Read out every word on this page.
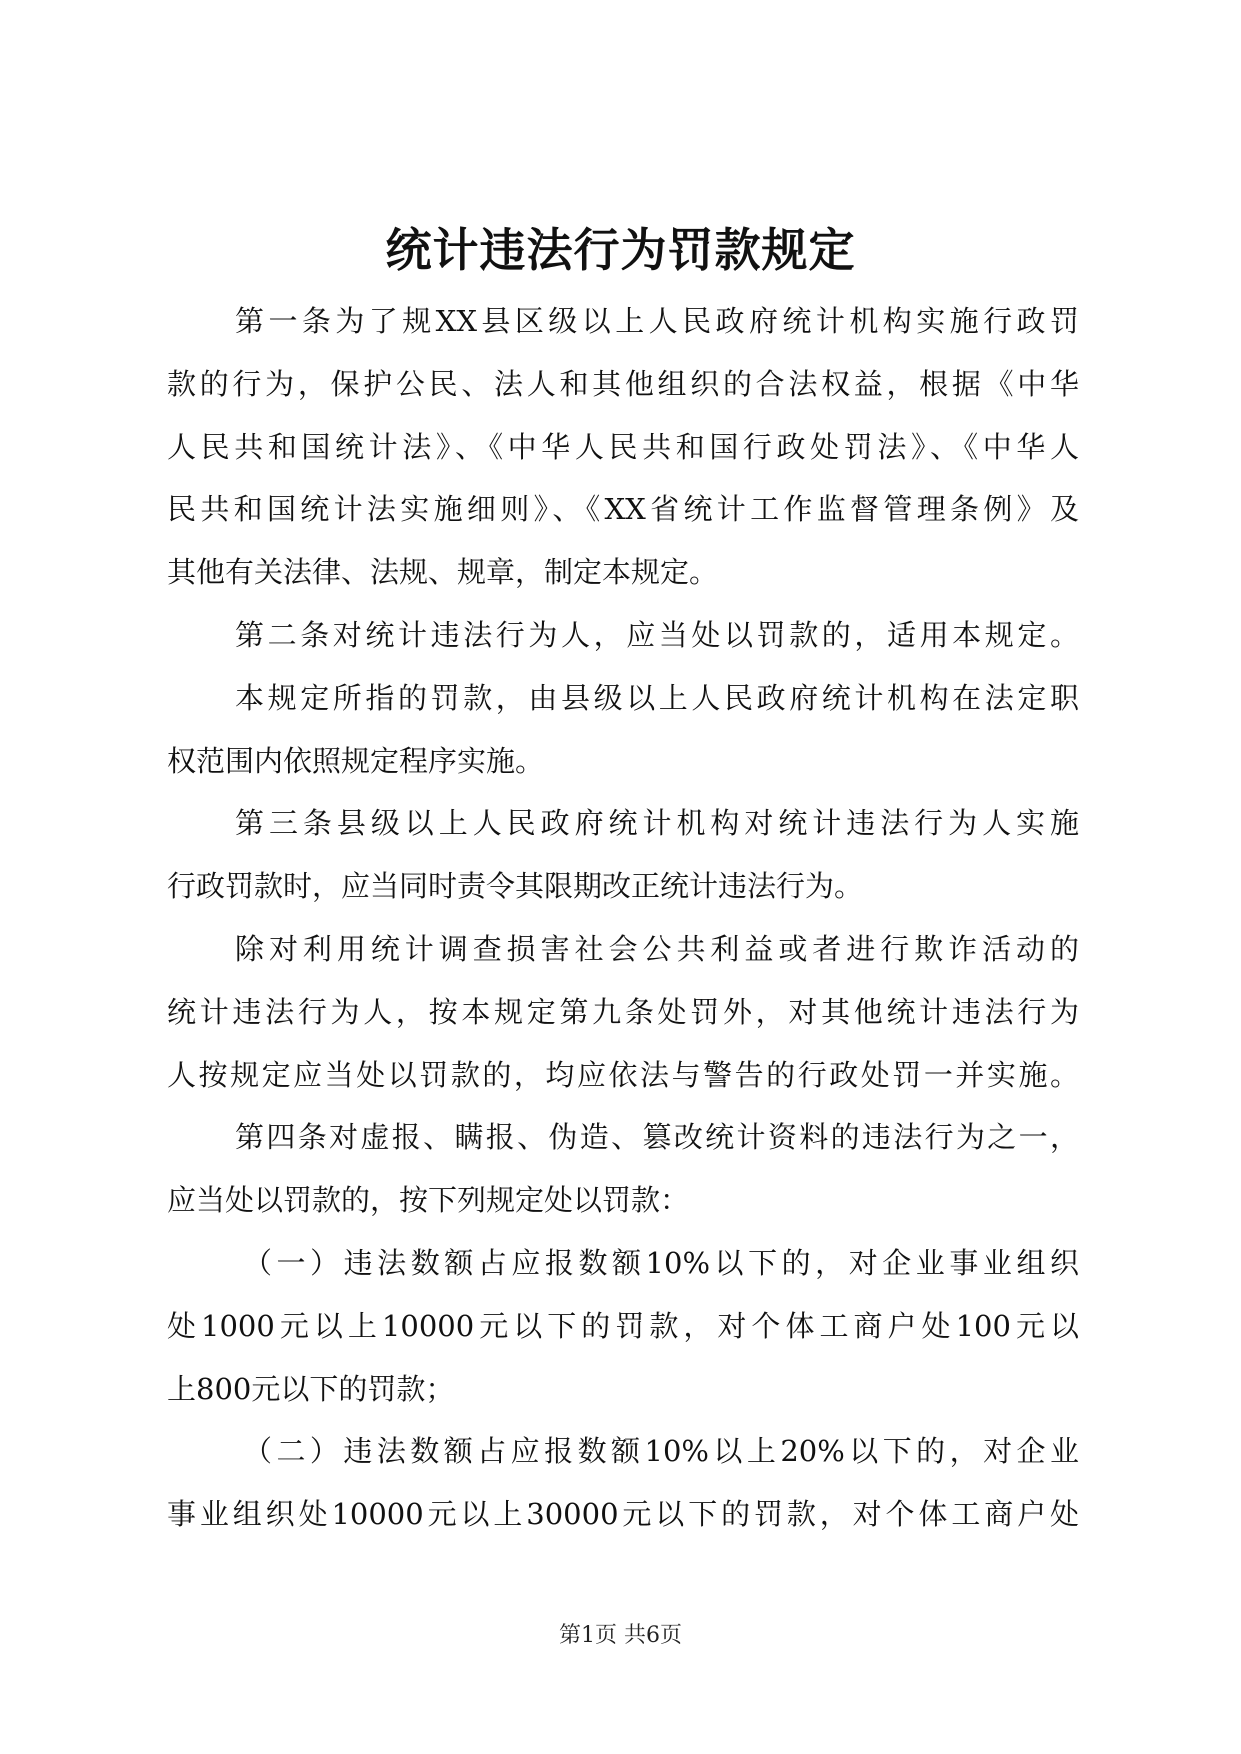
统计违法行为罚款规定
第一条为了规XX县区级以上人民政府统计机构实施行政罚
款的行为，保护公民、法人和其他组织的合法权益，根据《中华
人民共和国统计法》、《中华人民共和国行政处罚法》、《中华人
民共和国统计法实施细则》、《XX省统计工作监督管理条例》及
其他有关法律、法规、规章，制定本规定。
第二条对统计违法行为人，应当处以罚款的，适用本规定。
本规定所指的罚款，由县级以上人民政府统计机构在法定职
权范围内依照规定程序实施。
第三条县级以上人民政府统计机构对统计违法行为人实施
行政罚款时，应当同时责令其限期改正统计违法行为。
除对利用统计调查损害社会公共利益或者进行欺诈活动的
统计违法行为人，按本规定第九条处罚外，对其他统计违法行为
人按规定应当处以罚款的，均应依法与警告的行政处罚一并实施。
第四条对虚报、瞒报、伪造、篡改统计资料的违法行为之一，
应当处以罚款的，按下列规定处以罚款：
（一）违法数额占应报数额10%以下的，对企业事业组织
处1000元以上10000元以下的罚款，对个体工商户处100元以
上800元以下的罚款；
（二）违法数额占应报数额10%以上20%以下的，对企业
事业组织处10000元以上30000元以下的罚款，对个体工商户处
第1页 共6页
